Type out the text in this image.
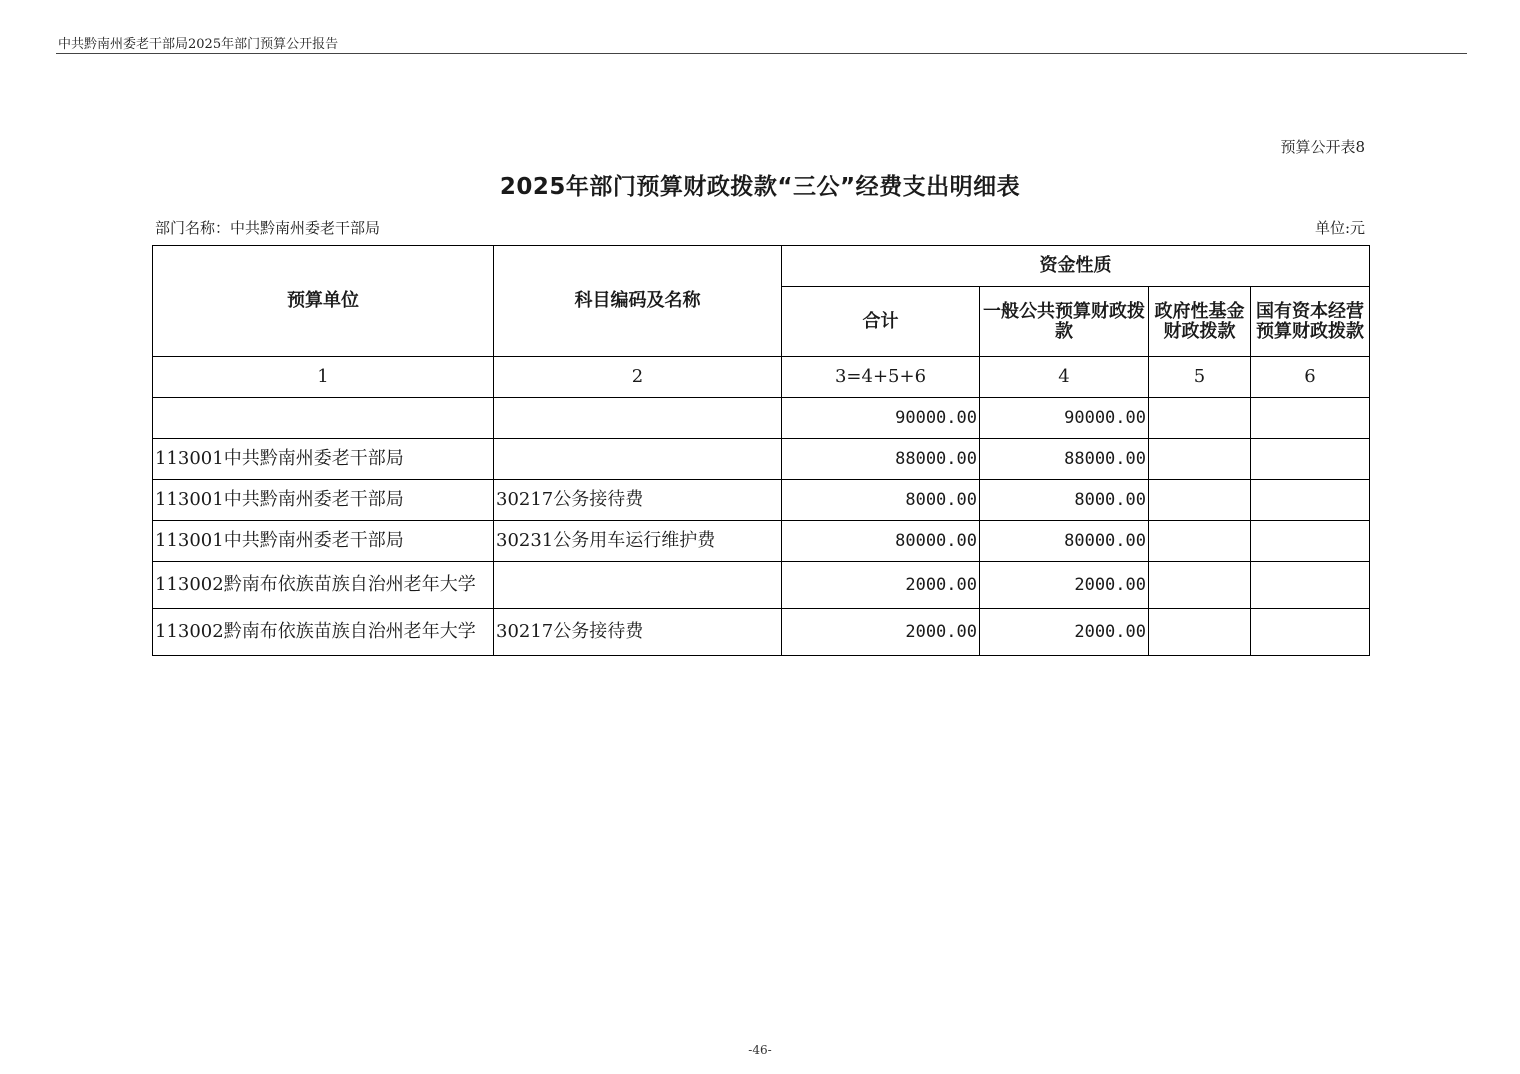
中共黔南州委老干部局2025年部门预算公开报告
预算公开表8
2025年部门预算财政拨款“三公”经费支出明细表
部门名称：中共黔南州委老干部局	单位:元
预算单位	科目编码及名称	资金性质			
		合计	一般公共预算财政拨款	政府性基金财政拨款	国有资本经营预算财政拨款
1	2	3=4+5+6	4	5	6
		90000.00	90000.00		
113001中共黔南州委老干部局		88000.00	88000.00		
113001中共黔南州委老干部局	30217公务接待费	8000.00	8000.00		
113001中共黔南州委老干部局	30231公务用车运行维护费	80000.00	80000.00		
113002黔南布依族苗族自治州老年大学		2000.00	2000.00		
113002黔南布依族苗族自治州老年大学	30217公务接待费	2000.00	2000.00		
-46-
